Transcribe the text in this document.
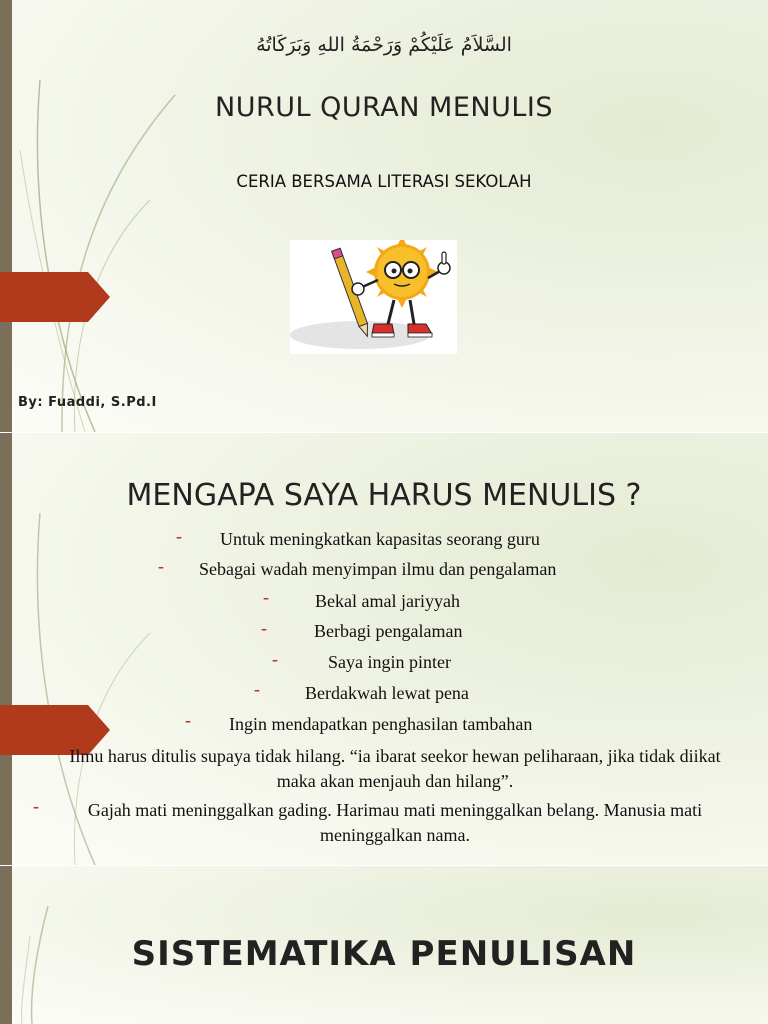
السَّلاَمُ عَلَيْكُمْ وَرَحْمَةُ اللهِ وَبَرَكَاتُهُ
NURUL QURAN MENULIS
CERIA BERSAMA LITERASI SEKOLAH
By: Fuaddi, S.Pd.I
MENGAPA SAYA HARUS MENULIS ?
- Untuk meningkatkan kapasitas seorang guru
- Sebagai wadah menyimpan ilmu dan pengalaman
-	Bekal amal jariyyah
-	Berbagi pengalaman
-	Saya ingin pinter
-	Berdakwah lewat pena
- Ingin mendapatkan penghasilan tambahan
Ilmu harus ditulis supaya tidak hilang. “ia ibarat seekor hewan peliharaan, jika tidak diikat maka akan menjauh dan hilang”.
-	Gajah mati meninggalkan gading. Harimau mati meninggalkan belang. Manusia mati meninggalkan nama.
SISTEMATIKA PENULISAN
